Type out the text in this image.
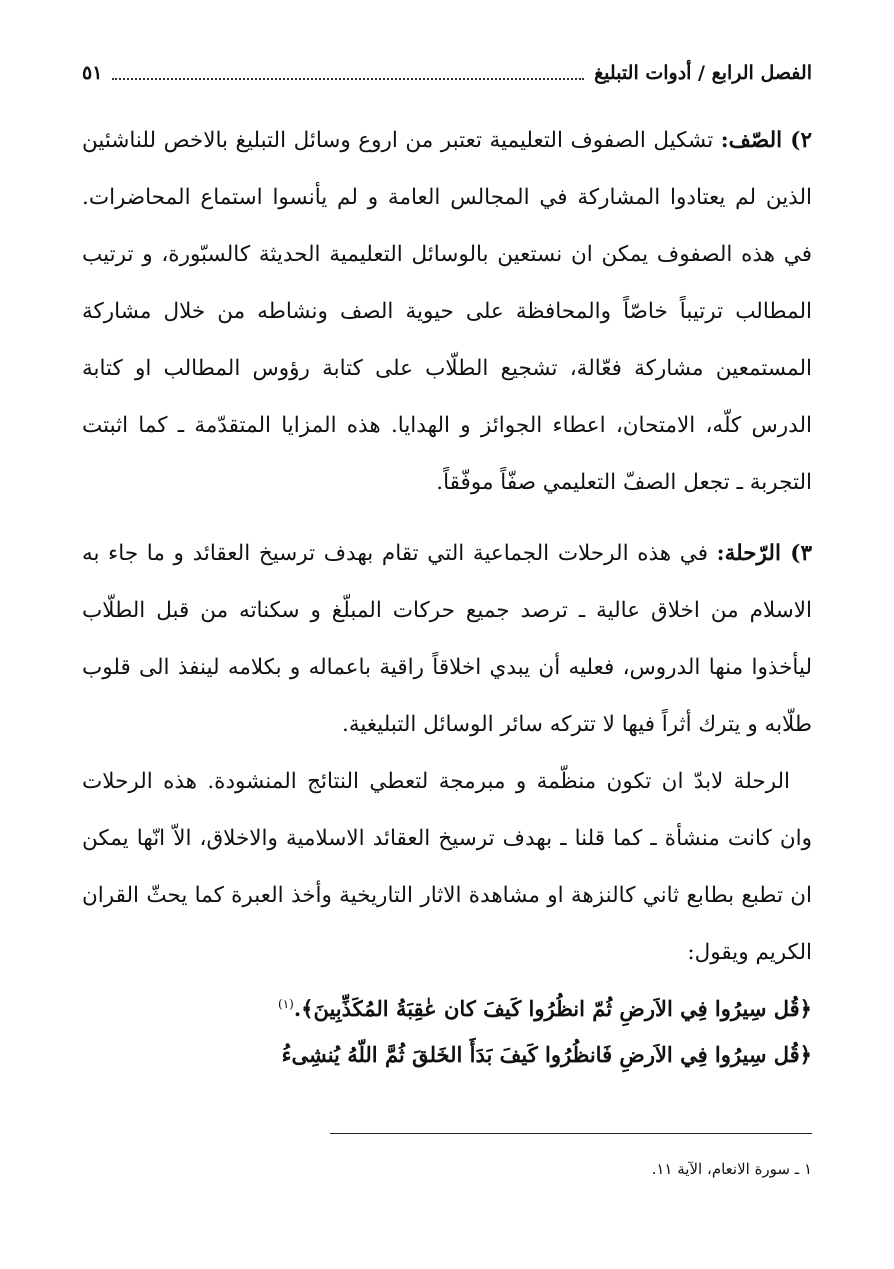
الفصل الرابع / أدوات التبليغ
٥١

٢) الصّف: تشكيل الصفوف التعليمية تعتبر من اروع وسائل التبليغ بالاخص للناشئين الذين لم يعتادوا المشاركة في المجالس العامة و لم يأنسوا استماع المحاضرات. في هذه الصفوف يمكن ان نستعين بالوسائل التعليمية الحديثة كالسبّورة، و ترتيب المطالب ترتيباً خاصّاً والمحافظة على حيوية الصف ونشاطه من خلال مشاركة المستمعين مشاركة فعّالة، تشجيع الطلّاب على كتابة رؤوس المطالب او كتابة الدرس كلّه، الامتحان، اعطاء الجوائز و الهدايا. هذه المزايا المتقدّمة ـ كما اثبتت التجربة ـ تجعل الصفّ التعليمي صفّاً موفّقاً.

٣) الرّحلة: في هذه الرحلات الجماعية التي تقام بهدف ترسيخ العقائد و ما جاء به الاسلام من اخلاق عالية ـ ترصد جميع حركات المبلّغ و سكناته من قبل الطلّاب ليأخذوا منها الدروس، فعليه أن يبدي اخلاقاً راقية باعماله و بكلامه لينفذ الى قلوب طلّابه و يترك أثراً فيها لا تتركه سائر الوسائل التبليغية.

الرحلة لابدّ ان تكون منظّمة و مبرمجة لتعطي النتائج المنشودة. هذه الرحلات وان كانت منشأة ـ كما قلنا ـ بهدف ترسيخ العقائد الاسلامية والاخلاق، الاّ انّها يمكن ان تطبع بطابع ثاني كالنزهة او مشاهدة الاثار التاريخية وأخذ العبرة كما يحثّ القران الكريم ويقول:

﴿قُل سِيرُوا فِي الاَرضِ ثُمّ انظُرُوا كَيفَ كان عٰقِبَةُ المُكَذِّبِينَ﴾.$^{(١)}$
﴿قُل سِيرُوا فِي الاَرضِ فَانظُرُوا كَيفَ بَدَأَ الخَلقَ ثُمَّ اللّهُ يُنشِىءُ
١ ـ سورة الانعام، الآية ١١.
